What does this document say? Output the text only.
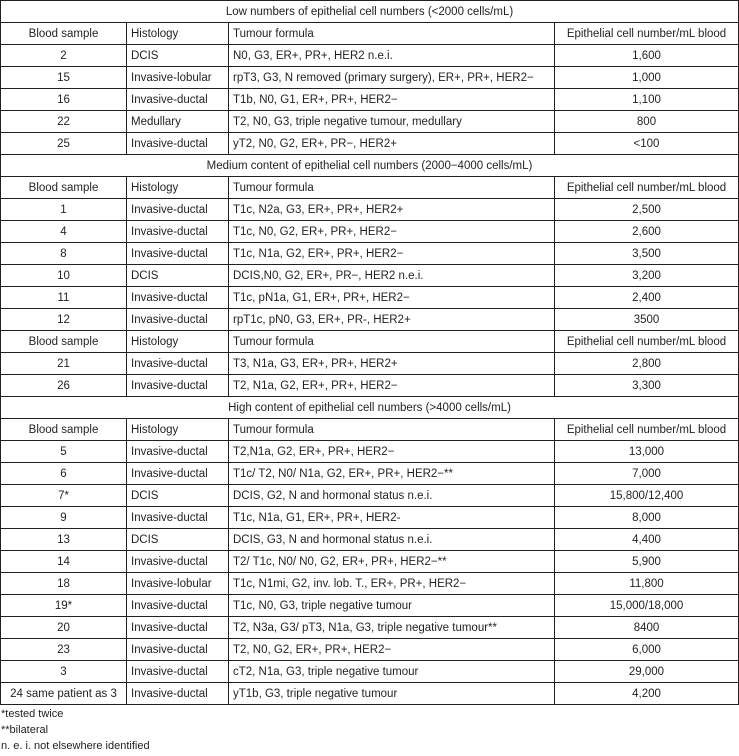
Low numbers of epithelial cell numbers (<2000 cells/mL)			
Blood sample	Histology	Tumour formula	Epithelial cell number/mL blood
2	DCIS	N0, G3, ER+, PR+, HER2 n.e.i.	1,600
15	Invasive-lobular	rpT3, G3, N removed (primary surgery), ER+, PR+, HER2−	1,000
16	Invasive-ductal	T1b, N0, G1, ER+, PR+, HER2−	1,100
22	Medullary	T2, N0, G3, triple negative tumour, medullary	800
25	Invasive-ductal	yT2, N0, G2, ER+, PR−, HER2+	<100
Medium content of epithelial cell numbers (2000−4000 cells/mL)			
Blood sample	Histology	Tumour formula	Epithelial cell number/mL blood
1	Invasive-ductal	T1c, N2a, G3, ER+, PR+, HER2+	2,500
4	Invasive-ductal	T1c, N0, G2, ER+, PR+, HER2−	2,600
8	Invasive-ductal	T1c, N1a, G2, ER+, PR+, HER2−	3,500
10	DCIS	DCIS,N0, G2, ER+, PR−, HER2 n.e.i.	3,200
11	Invasive-ductal	T1c, pN1a, G1, ER+, PR+, HER2−	2,400
12	Invasive-ductal	rpT1c, pN0, G3, ER+, PR-, HER2+	3500
Blood sample	Histology	Tumour formula	Epithelial cell number/mL blood
21	Invasive-ductal	T3, N1a, G3, ER+, PR+, HER2+	2,800
26	Invasive-ductal	T2, N1a, G2, ER+, PR+, HER2−	3,300
High content of epithelial cell numbers (>4000 cells/mL)			
Blood sample	Histology	Tumour formula	Epithelial cell number/mL blood
5	Invasive-ductal	T2,N1a, G2, ER+, PR+, HER2−	13,000
6	Invasive-ductal	T1c/ T2, N0/ N1a, G2, ER+, PR+, HER2−**	7,000
7*	DCIS	DCIS, G2, N and hormonal status n.e.i.	15,800/12,400
9	Invasive-ductal	T1c, N1a, G1, ER+, PR+, HER2-	8,000
13	DCIS	DCIS, G3, N and hormonal status n.e.i.	4,400
14	Invasive-ductal	T2/ T1c, N0/ N0, G2, ER+, PR+, HER2−**	5,900
18	Invasive-lobular	T1c, N1mi, G2, inv. lob. T., ER+, PR+, HER2−	11,800
19*	Invasive-ductal	T1c, N0, G3, triple negative tumour	15,000/18,000
20	Invasive-ductal	T2, N3a, G3/ pT3, N1a, G3, triple negative tumour**	8400
23	Invasive-ductal	T2, N0, G2, ER+, PR+, HER2−	6,000
3	Invasive-ductal	cT2, N1a, G3, triple negative tumour	29,000
24 same patient as 3	Invasive-ductal	yT1b, G3, triple negative tumour	4,200
*tested twice
**bilateral
n. e. i. not elsewhere identified
